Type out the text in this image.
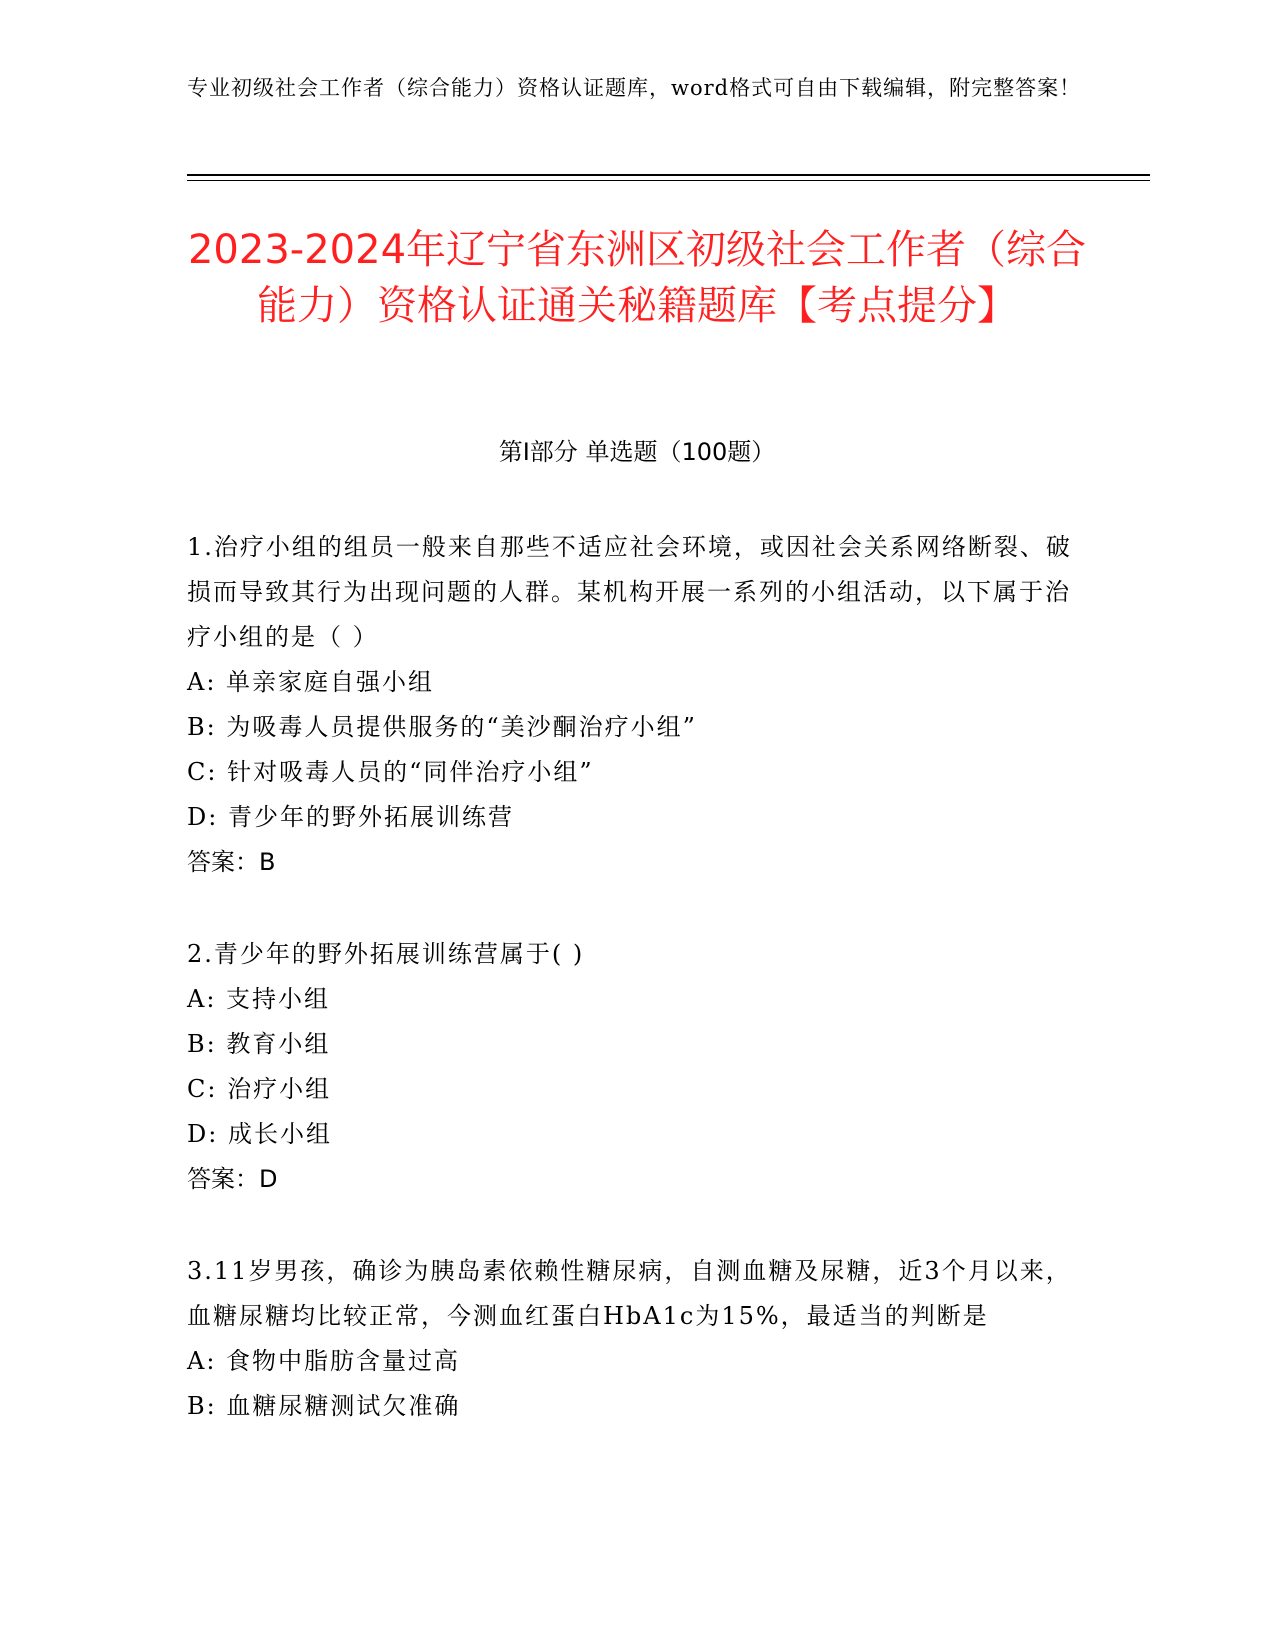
专业初级社会工作者（综合能力）资格认证题库，word格式可自由下载编辑，附完整答案！
2023-2024年辽宁省东洲区初级社会工作者（综合能力）资格认证通关秘籍题库【考点提分】
第I部分 单选题（100题）

1.治疗小组的组员一般来自那些不适应社会环境，或因社会关系网络断裂、破损而导致其行为出现问题的人群。某机构开展一系列的小组活动，以下属于治疗小组的是（ ）

A: 单亲家庭自强小组

B: 为吸毒人员提供服务的“美沙酮治疗小组”

C: 针对吸毒人员的“同伴治疗小组”

D: 青少年的野外拓展训练营

答案：B

2.青少年的野外拓展训练营属于( )

A: 支持小组

B: 教育小组

C: 治疗小组

D: 成长小组

答案：D

3.11岁男孩，确诊为胰岛素依赖性糖尿病，自测血糖及尿糖，近3个月以来，血糖尿糖均比较正常，今测血红蛋白HbA1c为15%，最适当的判断是

A: 食物中脂肪含量过高

B: 血糖尿糖测试欠准确
